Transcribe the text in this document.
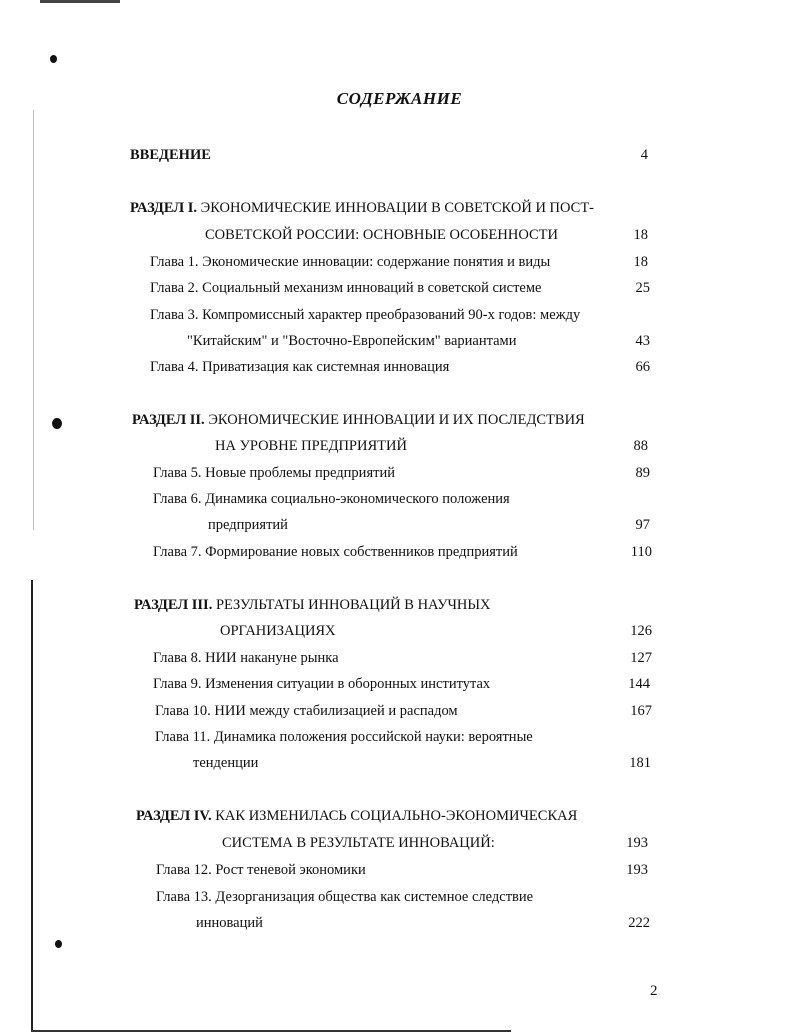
СОДЕРЖАНИЕ
ВВЕДЕНИЕ	4
РАЗДЕЛ I. ЭКОНОМИЧЕСКИЕ ИННОВАЦИИ В СОВЕТСКОЙ И ПОСТ-
СОВЕТСКОЙ РОССИИ: ОСНОВНЫЕ ОСОБЕННОСТИ	18
Глава 1. Экономические инновации: содержание понятия и виды	18
Глава 2. Социальный механизм инноваций в советской системе	25
Глава 3. Компромиссный характер преобразований 90-х годов: между
"Китайским" и "Восточно-Европейским" вариантами	43
Глава 4. Приватизация как системная инновация	66
РАЗДЕЛ II. ЭКОНОМИЧЕСКИЕ ИННОВАЦИИ И ИХ ПОСЛЕДСТВИЯ
НА УРОВНЕ ПРЕДПРИЯТИЙ	88
Глава 5. Новые проблемы предприятий	89
Глава 6. Динамика социально-экономического положения
предприятий	97
Глава 7. Формирование новых собственников предприятий	110
РАЗДЕЛ III. РЕЗУЛЬТАТЫ ИННОВАЦИЙ В НАУЧНЫХ
ОРГАНИЗАЦИЯХ	126
Глава 8. НИИ накануне рынка	127
Глава 9. Изменения ситуации в оборонных институтах	144
Глава 10. НИИ между стабилизацией и распадом	167
Глава 11. Динамика положения российской науки: вероятные
тенденции	181
РАЗДЕЛ IV. КАК ИЗМЕНИЛАСЬ СОЦИАЛЬНО-ЭКОНОМИЧЕСКАЯ
СИСТЕМА В РЕЗУЛЬТАТЕ ИННОВАЦИЙ:	193
Глава 12. Рост теневой экономики	193
Глава 13. Дезорганизация общества как системное следствие
инноваций	222
2
